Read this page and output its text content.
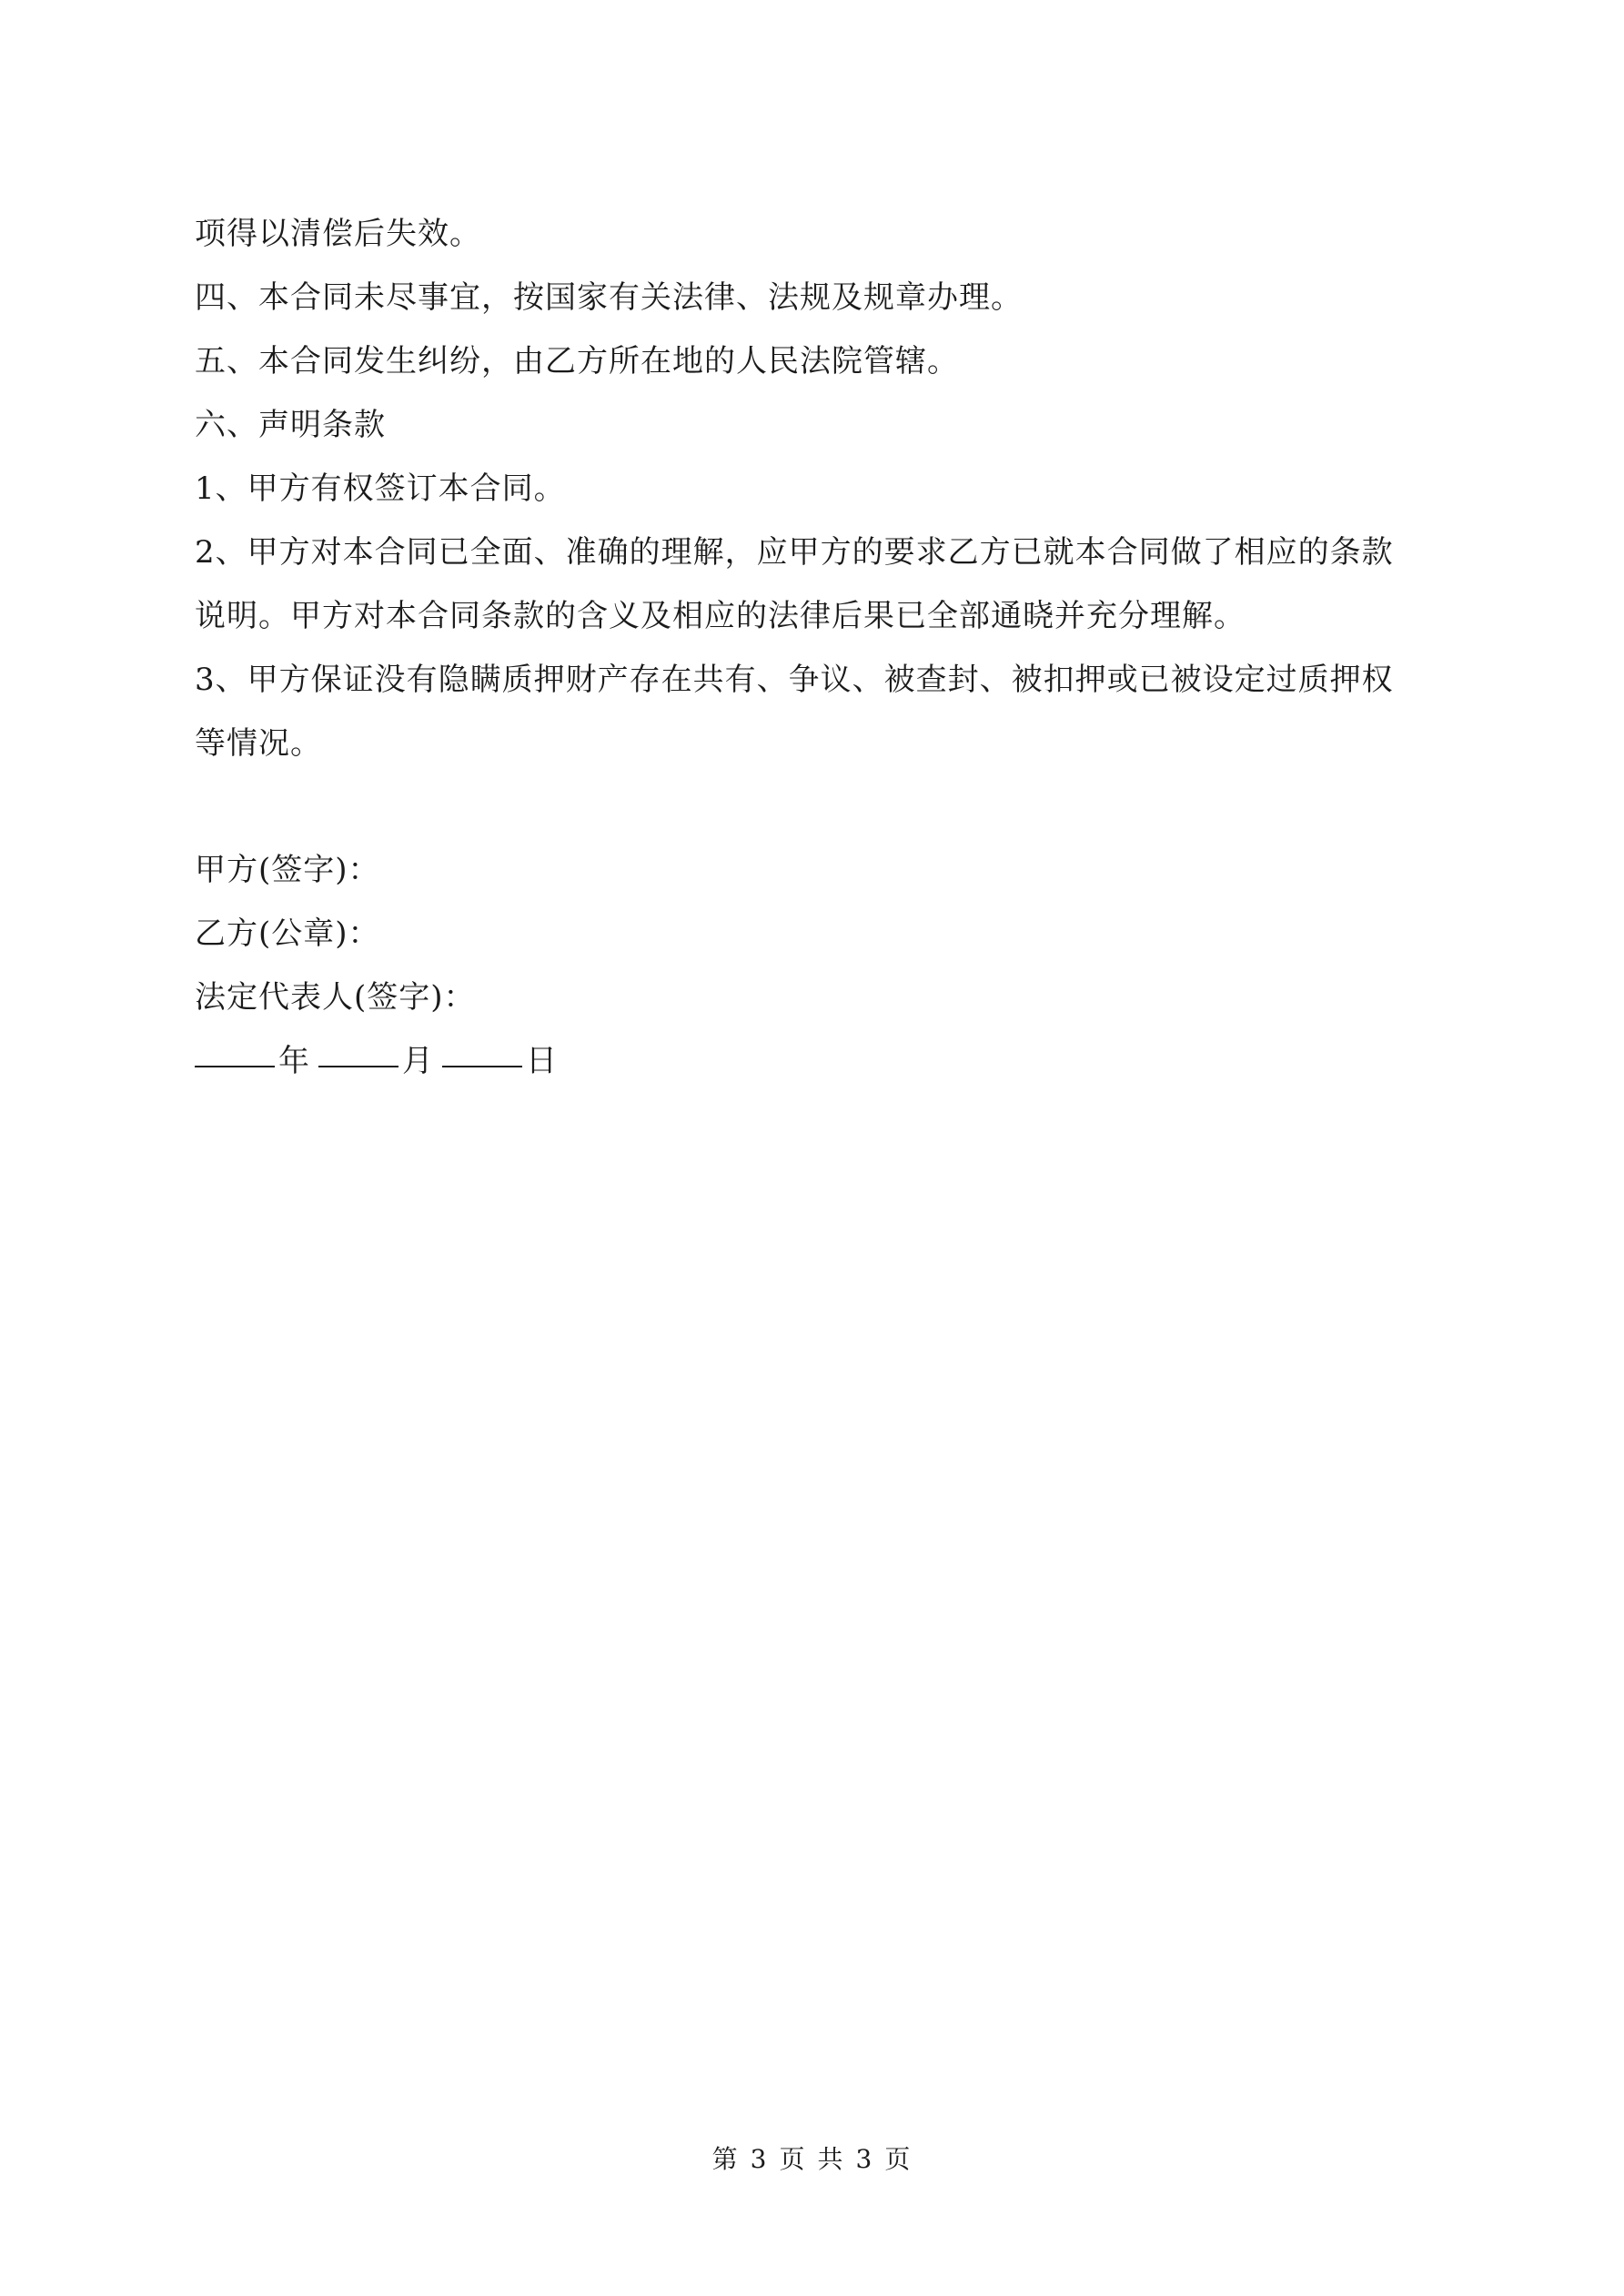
项得以清偿后失效。

四、本合同未尽事宜，按国家有关法律、法规及规章办理。

五、本合同发生纠纷，由乙方所在地的人民法院管辖。

六、声明条款

1、甲方有权签订本合同。

2、甲方对本合同已全面、准确的理解，应甲方的要求乙方已就本合同做了相应的条款

说明。甲方对本合同条款的含义及相应的法律后果已全部通晓并充分理解。

3、甲方保证没有隐瞒质押财产存在共有、争议、被查封、被扣押或已被设定过质押权

等情况。

甲方(签字)：

乙方(公章)：

法定代表人(签字)：

年	月	日
第 3 页 共 3 页
